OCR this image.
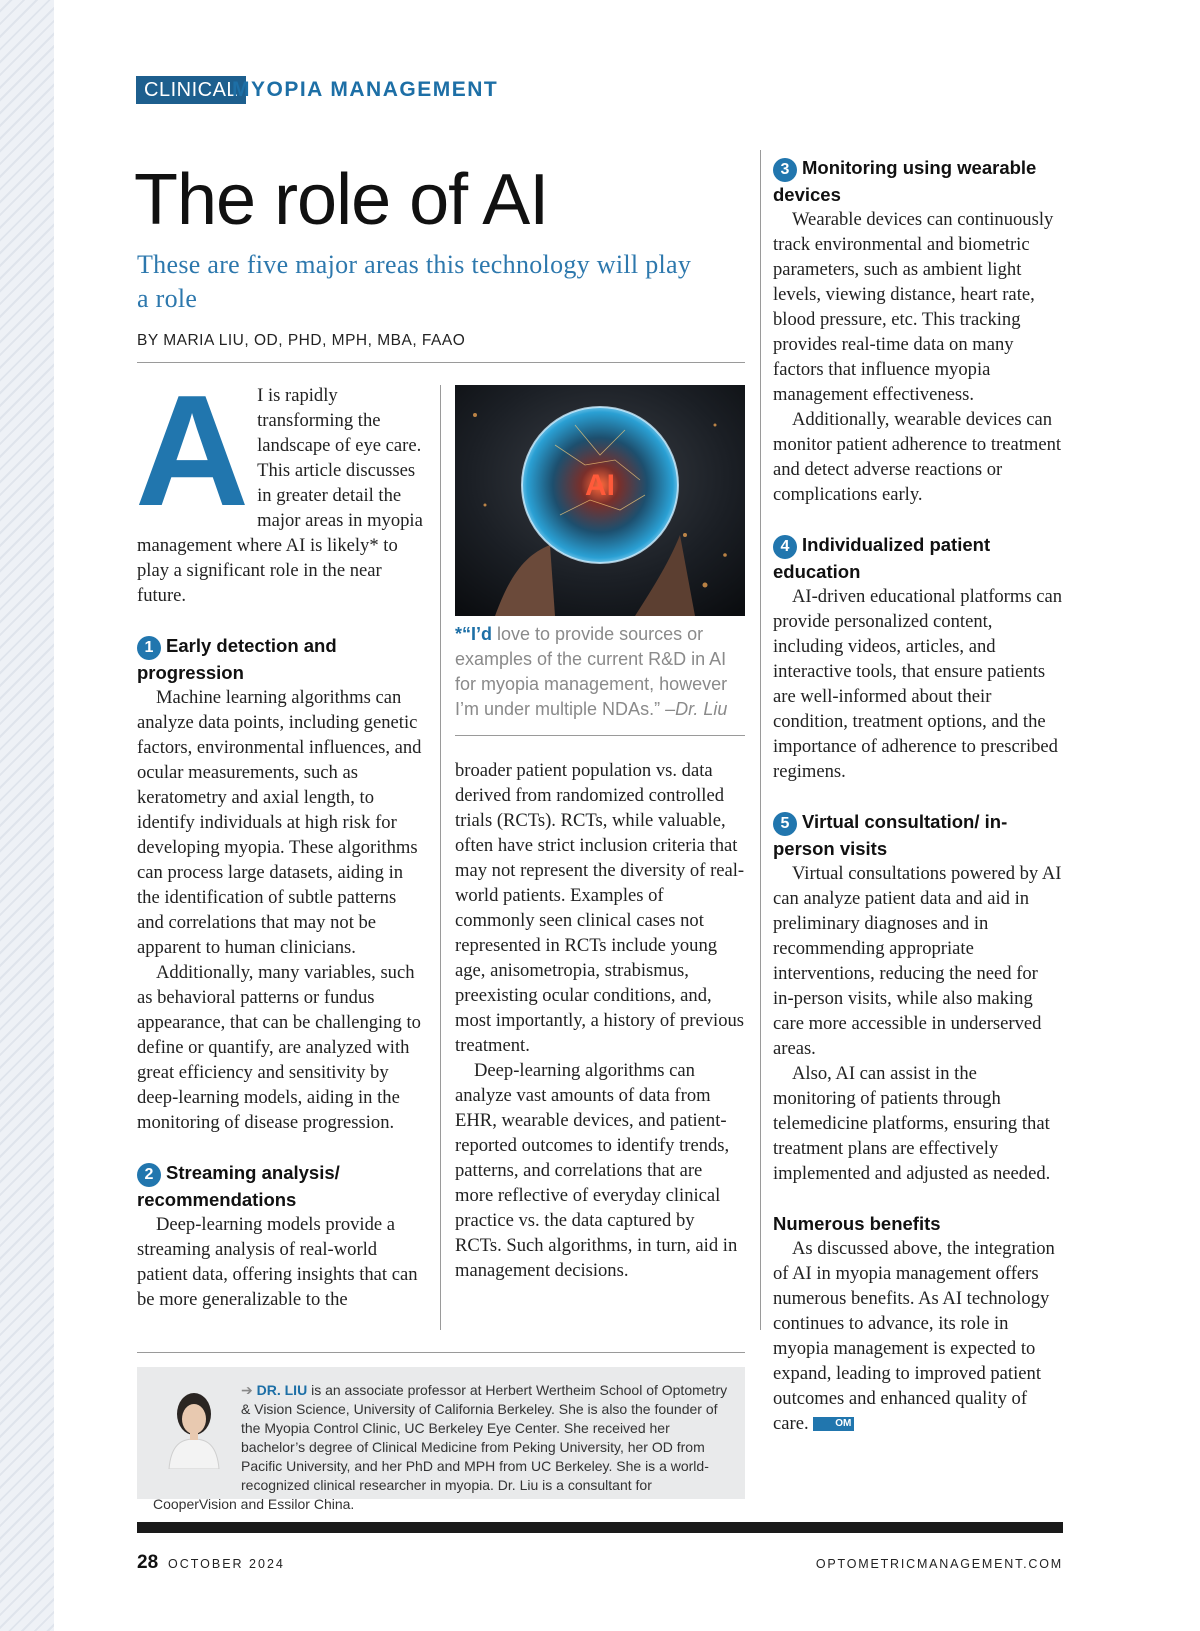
CLINICAL
MYOPIA MANAGEMENT
The role of AI
These are five major areas this technology will play a role
BY MARIA LIU, OD, PHD, MPH, MBA, FAAO

A I is rapidly transforming the landscape of eye care. This article discusses in greater detail the major areas in myopia management where AI is likely* to play a significant role in the near future.

1 Early detection and progression

Machine learning algorithms can analyze data points, including genetic factors, environmental influences, and ocular measurements, such as keratometry and axial length, to identify individuals at high risk for developing myopia. These algorithms can process large datasets, aiding in the identification of subtle patterns and correlations that may not be apparent to human clinicians.

Additionally, many variables, such as behavioral patterns or fundus appearance, that can be challenging to define or quantify, are analyzed with great efficiency and sensitivity by deep-learning models, aiding in the monitoring of disease progression.

2 Streaming analysis/ recommendations

Deep-learning models provide a streaming analysis of real-world patient data, offering insights that can be more generalizable to the

AI
*“I’d love to provide sources or examples of the current R&D in AI for myopia management, however I’m under multiple NDAs.” –Dr. Liu

broader patient population vs. data derived from randomized controlled trials (RCTs). RCTs, while valuable, often have strict inclusion criteria that may not represent the diversity of real-world patients. Examples of commonly seen clinical cases not represented in RCTs include young age, anisometropia, strabismus, preexisting ocular conditions, and, most importantly, a history of previous treatment.

Deep-learning algorithms can analyze vast amounts of data from EHR, wearable devices, and patient-reported outcomes to identify trends, patterns, and correlations that are more reflective of everyday clinical practice vs. the data captured by RCTs. Such algorithms, in turn, aid in management decisions.

3 Monitoring using wearable devices

Wearable devices can continuously track environmental and biometric parameters, such as ambient light levels, viewing distance, heart rate, blood pressure, etc. This tracking provides real-time data on many factors that influence myopia management effectiveness.

Additionally, wearable devices can monitor patient adherence to treatment and detect adverse reactions or complications early.

4 Individualized patient education

AI-driven educational platforms can provide personalized content, including videos, articles, and interactive tools, that ensure patients are well-informed about their condition, treatment options, and the importance of adherence to prescribed regimens.

5 Virtual consultation/ in-person visits

Virtual consultations powered by AI can analyze patient data and aid in preliminary diagnoses and in recommending appropriate interventions, reducing the need for in-person visits, while also making care more accessible in underserved areas.

Also, AI can assist in the monitoring of patients through telemedicine platforms, ensuring that treatment plans are effectively implemented and adjusted as needed.

Numerous benefits

As discussed above, the integration of AI in myopia management offers numerous benefits. As AI technology continues to advance, its role in myopia management is expected to expand, leading to improved patient outcomes and enhanced quality of care.	OM

➔ DR. LIU is an associate professor at Herbert Wertheim School of Optometry & Vision Science, University of California Berkeley. She is also the founder of the Myopia Control Clinic, UC Berkeley Eye Center. She received her bachelor’s degree of Clinical Medicine from Peking University, her OD from Pacific University, and her PhD and MPH from UC Berkeley. She is a world-recognized clinical researcher in myopia. Dr. Liu is a consultant for CooperVision and Essilor China.
28 OCTOBER 2024	OPTOMETRICMANAGEMENT.COM
